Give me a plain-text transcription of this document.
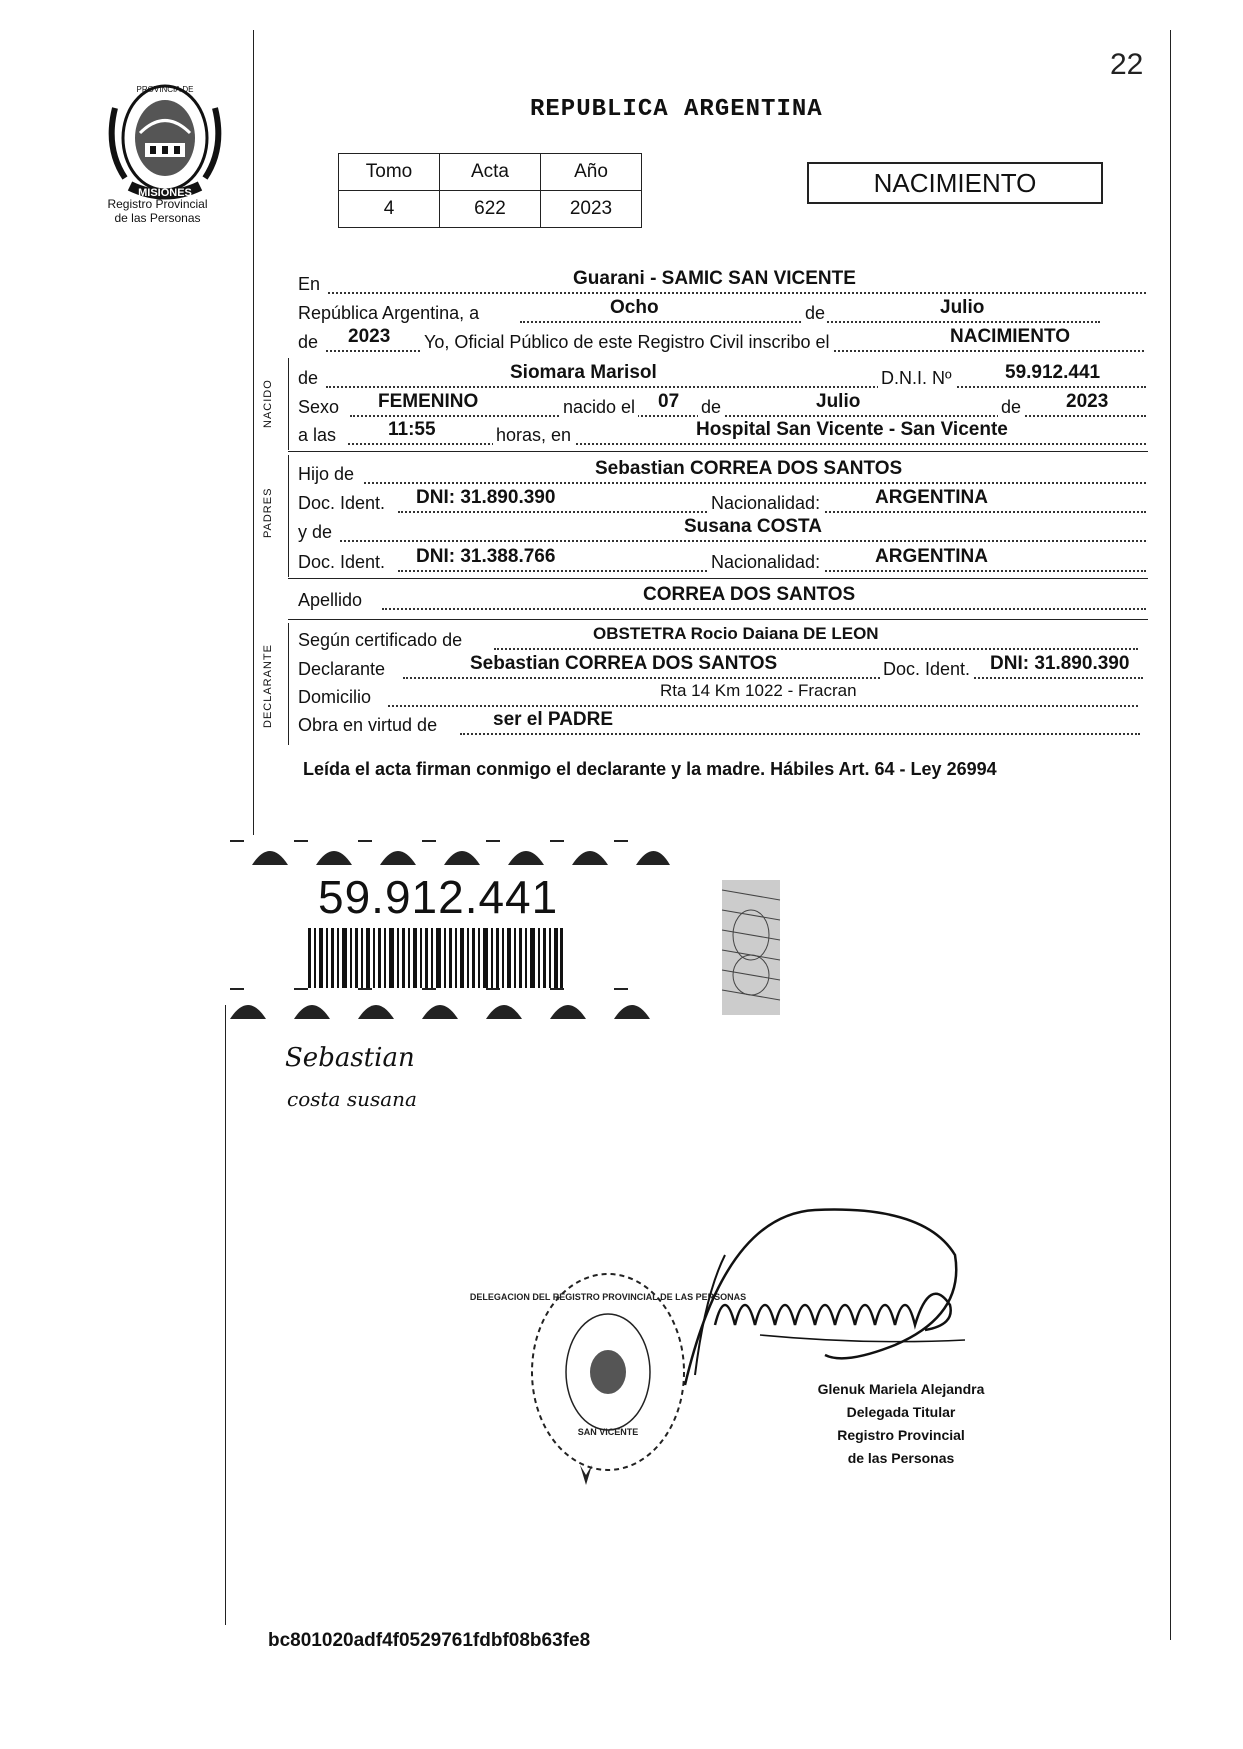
22
MISIONES
PROVINCIA DE
Registro Provincial
de las Personas
REPUBLICA ARGENTINA
Tomo	Acta	Año
4	622	2023
NACIMIENTO
En	Guarani - SAMIC SAN VICENTE
República Argentina, a	Ocho	de	Julio
de 2023 Yo, Oficial Público de este Registro Civil inscribo el	NACIMIENTO
NACIDO
de	Siomara Marisol	D.N.I. Nº	59.912.441
Sexo FEMENINO	nacido el 07 de	Julio	de 2023
a las	11:55	horas, en	Hospital San Vicente - San Vicente
PADRES
Hijo de	Sebastian CORREA DOS SANTOS
Doc. Ident. DNI: 31.890.390	Nacionalidad:	ARGENTINA
y de	Susana COSTA
Doc. Ident. DNI: 31.388.766	Nacionalidad:	ARGENTINA
Apellido	CORREA DOS SANTOS
DECLARANTE
Según certificado de	OBSTETRA Rocio Daiana DE LEON
Declarante	Sebastian CORREA DOS SANTOS	Doc. Ident. DNI: 31.890.390
Domicilio	Rta 14 Km 1022 - Fracran
Obra en virtud de	ser el PADRE
Leída el acta firman conmigo el declarante y la madre. Hábiles Art. 64 - Ley 26994
59.912.441
Sebastian
costa susana
DELEGACION DEL REGISTRO PROVINCIAL DE LAS PERSONAS
SAN VICENTE
Glenuk Mariela Alejandra
Delegada Titular
Registro Provincial
de las Personas
bc801020adf4f0529761fdbf08b63fe8
